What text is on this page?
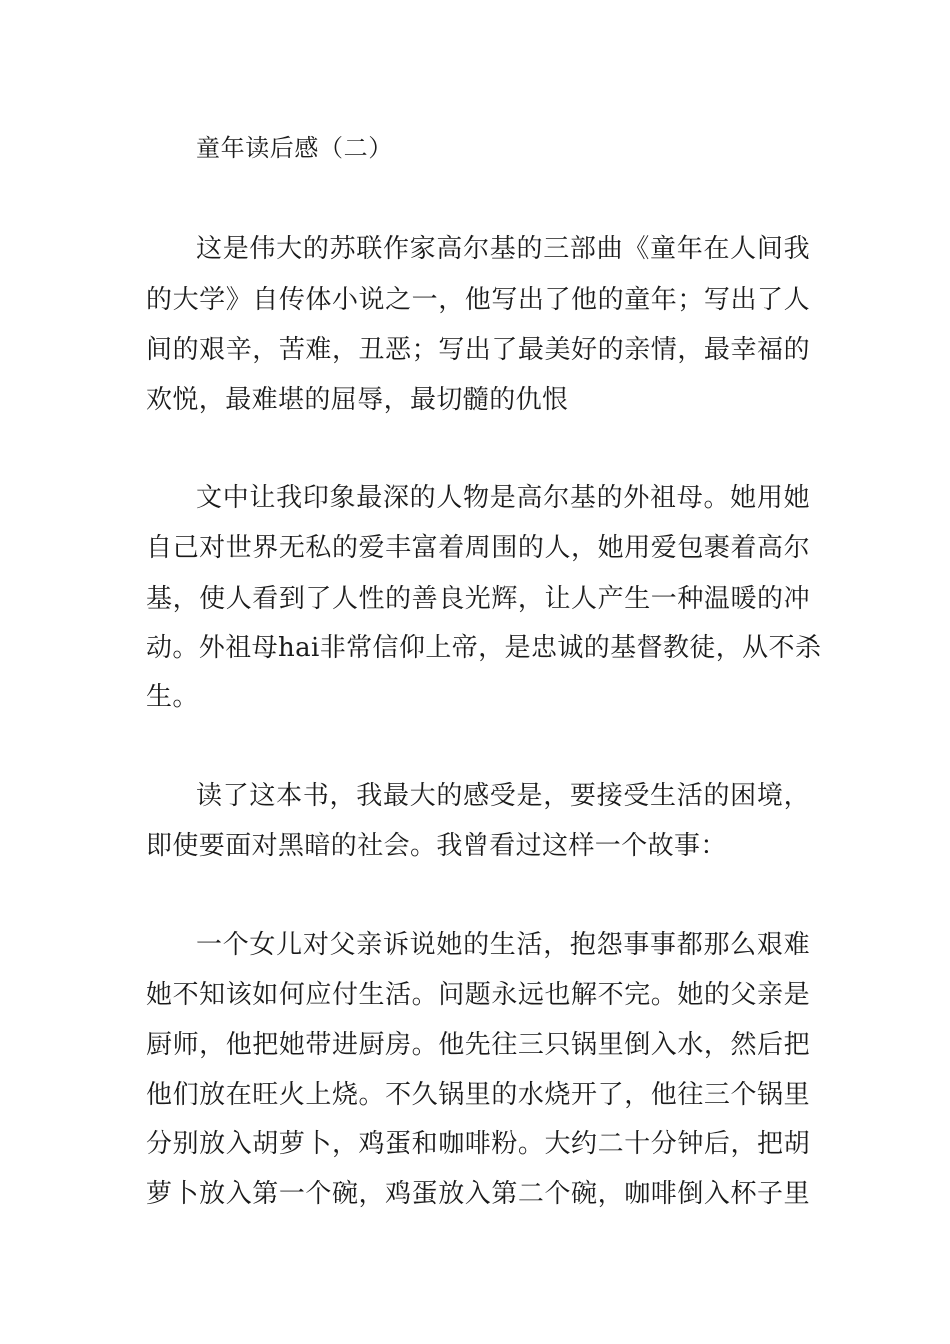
童年读后感（二）
这是伟大的苏联作家高尔基的三部曲《童年在人间我
的大学》自传体小说之一，他写出了他的童年；写出了人
间的艰辛，苦难，丑恶；写出了最美好的亲情，最幸福的
欢悦，最难堪的屈辱，最切髓的仇恨
文中让我印象最深的人物是高尔基的外祖母。她用她
自己对世界无私的爱丰富着周围的人，她用爱包裹着高尔
基，使人看到了人性的善良光辉，让人产生一种温暖的冲
动。外祖母hai非常信仰上帝，是忠诚的基督教徒，从不杀
生。
读了这本书，我最大的感受是，要接受生活的困境，
即使要面对黑暗的社会。我曾看过这样一个故事：
一个女儿对父亲诉说她的生活，抱怨事事都那么艰难
她不知该如何应付生活。问题永远也解不完。她的父亲是
厨师，他把她带进厨房。他先往三只锅里倒入水，然后把
他们放在旺火上烧。不久锅里的水烧开了，他往三个锅里
分别放入胡萝卜，鸡蛋和咖啡粉。大约二十分钟后，把胡
萝卜放入第一个碗，鸡蛋放入第二个碗，咖啡倒入杯子里
